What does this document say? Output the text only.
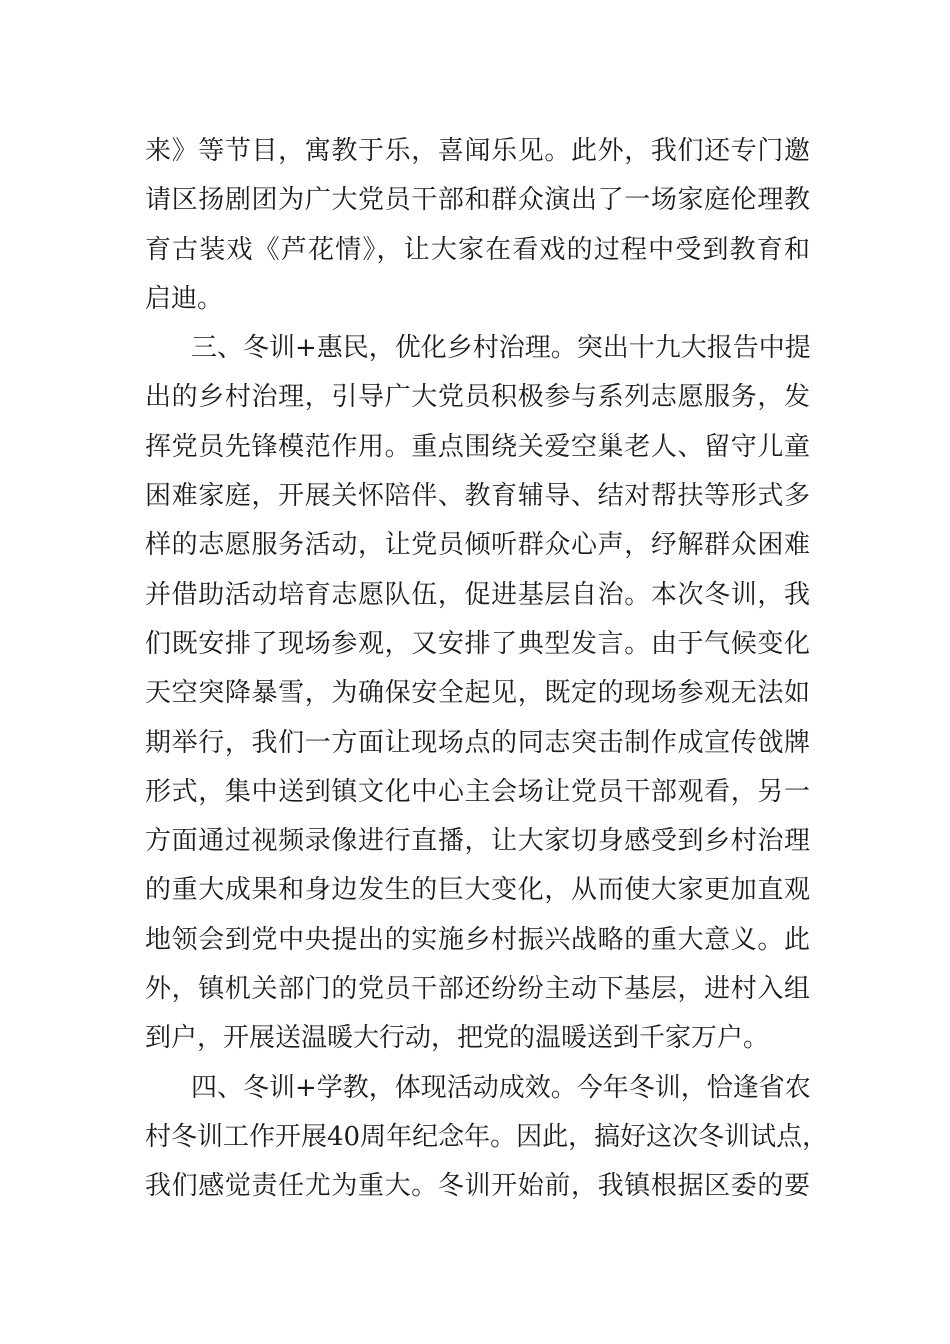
来》等节目，寓教于乐，喜闻乐见。此外，我们还专门邀
请区扬剧团为广大党员干部和群众演出了一场家庭伦理教
育古装戏《芦花情》，让大家在看戏的过程中受到教育和
启迪。
三、冬训+惠民，优化乡村治理。突出十九大报告中提
出的乡村治理，引导广大党员积极参与系列志愿服务，发
挥党员先锋模范作用。重点围绕关爱空巢老人、留守儿童
困难家庭，开展关怀陪伴、教育辅导、结对帮扶等形式多
样的志愿服务活动，让党员倾听群众心声，纾解群众困难
并借助活动培育志愿队伍，促进基层自治。本次冬训，我
们既安排了现场参观，又安排了典型发言。由于气候变化
天空突降暴雪，为确保安全起见，既定的现场参观无法如
期举行，我们一方面让现场点的同志突击制作成宣传戗牌
形式，集中送到镇文化中心主会场让党员干部观看，另一
方面通过视频录像进行直播，让大家切身感受到乡村治理
的重大成果和身边发生的巨大变化，从而使大家更加直观
地领会到党中央提出的实施乡村振兴战略的重大意义。此
外，镇机关部门的党员干部还纷纷主动下基层，进村入组
到户，开展送温暖大行动，把党的温暖送到千家万户。
四、冬训+学教，体现活动成效。今年冬训，恰逢省农
村冬训工作开展40周年纪念年。因此，搞好这次冬训试点，
我们感觉责任尤为重大。冬训开始前，我镇根据区委的要
